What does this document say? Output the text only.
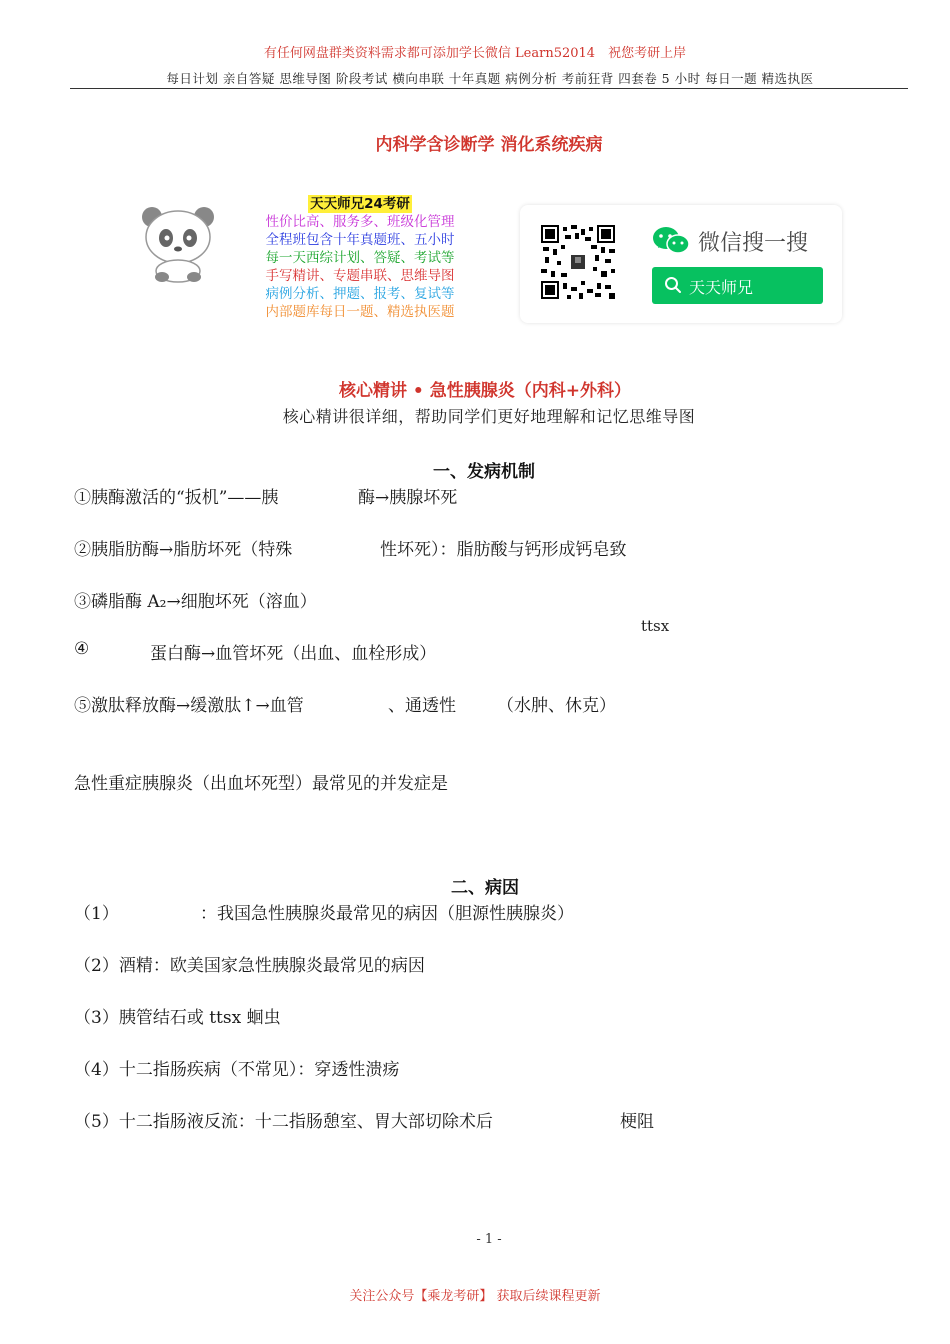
有任何网盘群类资料需求都可添加学长微信 Learn52014　祝您考研上岸
每日计划 亲自答疑 思维导图 阶段考试 横向串联 十年真题 病例分析 考前狂背 四套卷 5 小时 每日一题 精选执医
内科学含诊断学 消化系统疾病
天天师兄24考研
性价比高、服务多、班级化管理
全程班包含十年真题班、五小时
每一天西综计划、答疑、考试等
手写精讲、专题串联、思维导图
病例分析、押题、报考、复试等
内部题库每日一题、精选执医题
微信搜一搜
天天师兄
核心精讲 • 急性胰腺炎（内科+外科）
核心精讲很详细，帮助同学们更好地理解和记忆思维导图
一、发病机制
①胰酶激活的“扳机”——胰	酶→胰腺坏死
②胰脂肪酶→脂肪坏死（特殊	性坏死）：脂肪酸与钙形成钙皂致
③磷脂酶 A₂→细胞坏死（溶血）
ttsx
④	蛋白酶→血管坏死（出血、血栓形成）
⑤激肽释放酶→缓激肽↑→血管	、通透性 （水肿、休克）
急性重症胰腺炎（出血坏死型）最常见的并发症是
二、病因
（1）	：我国急性胰腺炎最常见的病因（胆源性胰腺炎）
（2）酒精：欧美国家急性胰腺炎最常见的病因
（3）胰管结石或 ttsx 蛔虫
（4）十二指肠疾病（不常见）：穿透性溃疡
（5）十二指肠液反流：十二指肠憩室、胃大部切除术后	梗阻
- 1 -
关注公众号【乘龙考研】 获取后续课程更新
